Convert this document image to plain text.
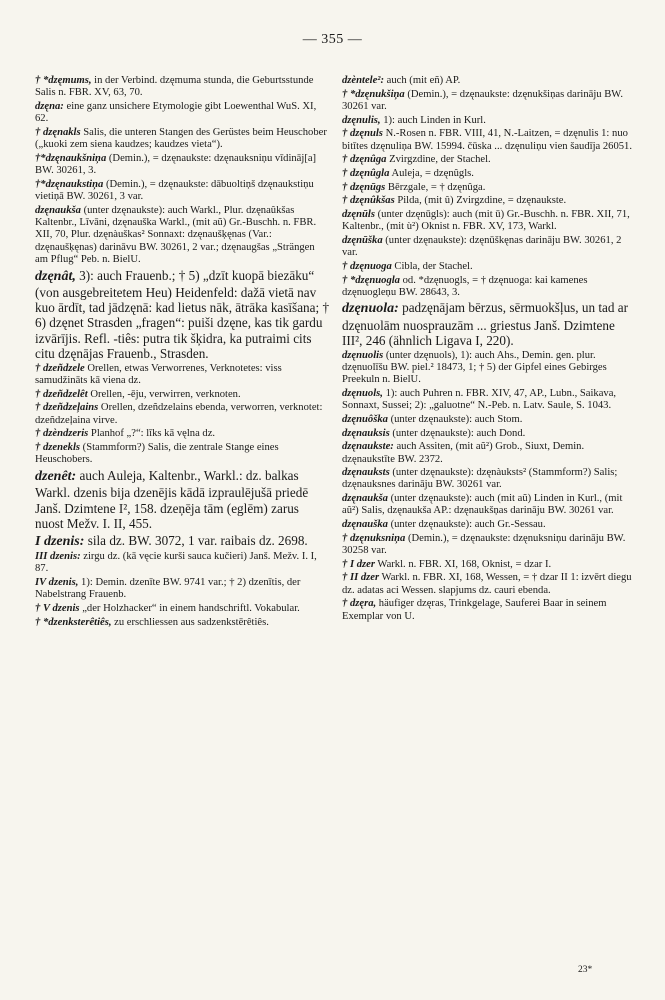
— 355 —

† *dzęmums, in der Verbind. dzęmuma stunda, die Geburtsstunde Salis n. FBR. XV, 63, 70.

dzęna: eine ganz unsichere Etymologie gibt Loewenthal WuS. XI, 62.

† dzęnakls Salis, die unteren Stangen des Gerüstes beim Heuschober („kuoki zem siena kaudzes; kaudzes vieta“).

†*dzęnaukšniņa (Demin.), = dzęnaukste: dzęnauksniņu vīdināj[a] BW. 30261, 3.

†*dzęnaukstiņa (Demin.), = dzęnaukste: dābuoltiņš dzęnaukstiņu vietiņā BW. 30261, 3 var.

dzęnaukša (unter dzęnaukste): auch Warkl., Plur. dzęnaûkšas Kaltenbr., Līvāni, dzęnauška Warkl., (mit aũ) Gr.-Buschh. n. FBR. XII, 70, Plur. dzęnàuškas² Sonnaxt: dzęnaušķęnas (Var.: dzęnaušķęnas) darināvu BW. 30261, 2 var.; dzęnaugšas „Strängen am Pflug“ Peb. n. BielU.

dzęnât, 3): auch Frauenb.; † 5) „dzīt kuopā biezāku“ (von ausgebreitetem Heu) Heidenfeld: dažā vietā nav kuo ārdīt, tad jādzęnā: kad lietus nāk, ātrāka kasīšana; † 6) dzęnet Strasden „fragen“: puiši dzęne, kas tik gardu izvārījis. Refl. -tiês: putra tik šķidra, ka putraimi cits citu dzęnājas Frauenb., Strasden.

† dzeñdzele Orellen, etwas Verworrenes, Verknotetes: viss samudžināts kā viena dz.

† dzeñdzelêt Orellen, -ēju, verwirren, verknoten.

† dzeñdzeļains Orellen, dzeñdzelains ebenda, verworren, verknotet: dzeñdzeļaina virve.

† dzèndzeris Planhof „?“: līks kā vęlna dz.

† dzenekls (Stammform?) Salis, die zentrale Stange eines Heuschobers.

dzenêt: auch Auleja, Kaltenbr., Warkl.: dz. balkas Warkl. dzenis bija dzenējis kādā izpraulējušā priedē Janš. Dzimtene I², 158. dzeņēja tām (eglēm) zarus nuost Mežv. I. II, 455.

I dzenis: sila dz. BW. 3072, 1 var. raibais dz. 2698.

III dzenis: zirgu dz. (kā vęcie kurši sauca kučieri) Janš. Mežv. I. I, 87.

IV dzenis, 1): Demin. dzenīte BW. 9741 var.; † 2) dzenītis, der Nabelstrang Frauenb.

† V dzenis „der Holzhacker“ in einem handschriftl. Vokabular.

† *dzenksterêtiês, zu erschliessen aus sadzenkstērêtiês.

dzèntele²: auch (mit eñ) AP.

† *dzęnukšiņa (Demin.), = dzęnaukste: dzęnukšiņas darināju BW. 30261 var.

dzęnulis, 1): auch Linden in Kurl.

† dzęnuls N.-Rosen n. FBR. VIII, 41, N.-Laitzen, = dzęnulis 1: nuo bitītes dzęnuliņa BW. 15994. čūska ... dzęnuliņu vien šaudīja 26051.

† dzęnûga Zvirgzdine, der Stachel.

† dzęnûgla Auleja, = dzęnûgls.

† dzęnūgs Bērzgale, = † dzęnûga.

† dzęnûkšas Pilda, (mit û) Zvirgzdine, = dzęnaukste.

dzęnūls (unter dzęnūgls): auch (mit ū) Gr.-Buschh. n. FBR. XII, 71, Kaltenbr., (mit ù²) Oknist n. FBR. XV, 173, Warkl.

dzęnūška (unter dzęnaukste): dzęnūškęnas darināju BW. 30261, 2 var.

† dzęnuoga Cibla, der Stachel.

† *dzęnuogla od. *dzęnuogls, = † dzęnuoga: kai kamenes dzęnuogleņu BW. 28643, 3.

dzęnuola: padzęnājam bērzus, sērmuokšļus, un tad ar dzęnuolām nuosprauzām ... griestus Janš. Dzimtene III², 246 (ähnlich Ligava I, 220).

dzęnuolis (unter dzęnuols), 1): auch Ahs., Demin. gen. plur. dzęnuolīšu BW. piel.² 18473, 1; † 5) der Gipfel eines Gebirges Preekuln n. BielU.

dzęnuols, 1): auch Puhren n. FBR. XIV, 47, AP., Lubn., Saikava, Sonnaxt, Sussei; 2): „galuotne“ N.-Peb. n. Latv. Saule, S. 1043.

dzęnuôška (unter dzęnaukste): auch Stom.

dzęnauksis (unter dzęnaukste): auch Dond.

dzęnaukste: auch Assiten, (mit aũ²) Grob., Siuxt, Demin. dzęnaukstīte BW. 2372.

dzęnauksts (unter dzęnaukste): dzęnàuksts² (Stammform?) Salis; dzęnauksnes darināju BW. 30261 var.

dzęnaukša (unter dzęnaukste): auch (mit aũ) Linden in Kurl., (mit aû²) Salis, dzęnaukša AP.: dzęnaukšņas darināju BW. 30261 var.

dzęnauška (unter dzęnaukste): auch Gr.-Sessau.

† dzęnuksniņa (Demin.), = dzęnaukste: dzęnuksniņu darināju BW. 30258 var.

† I dzer Warkl. n. FBR. XI, 168, Oknist, = dzar I.

† II dzer Warkl. n. FBR. XI, 168, Wessen, = † dzar II 1: izvērt diegu dz. adatas aci Wessen. slapjums dz. cauri ebenda.

† dzęra, häufiger dzęras, Trinkgelage, Sauferei Baar in seinem Exemplar von U.

23*
